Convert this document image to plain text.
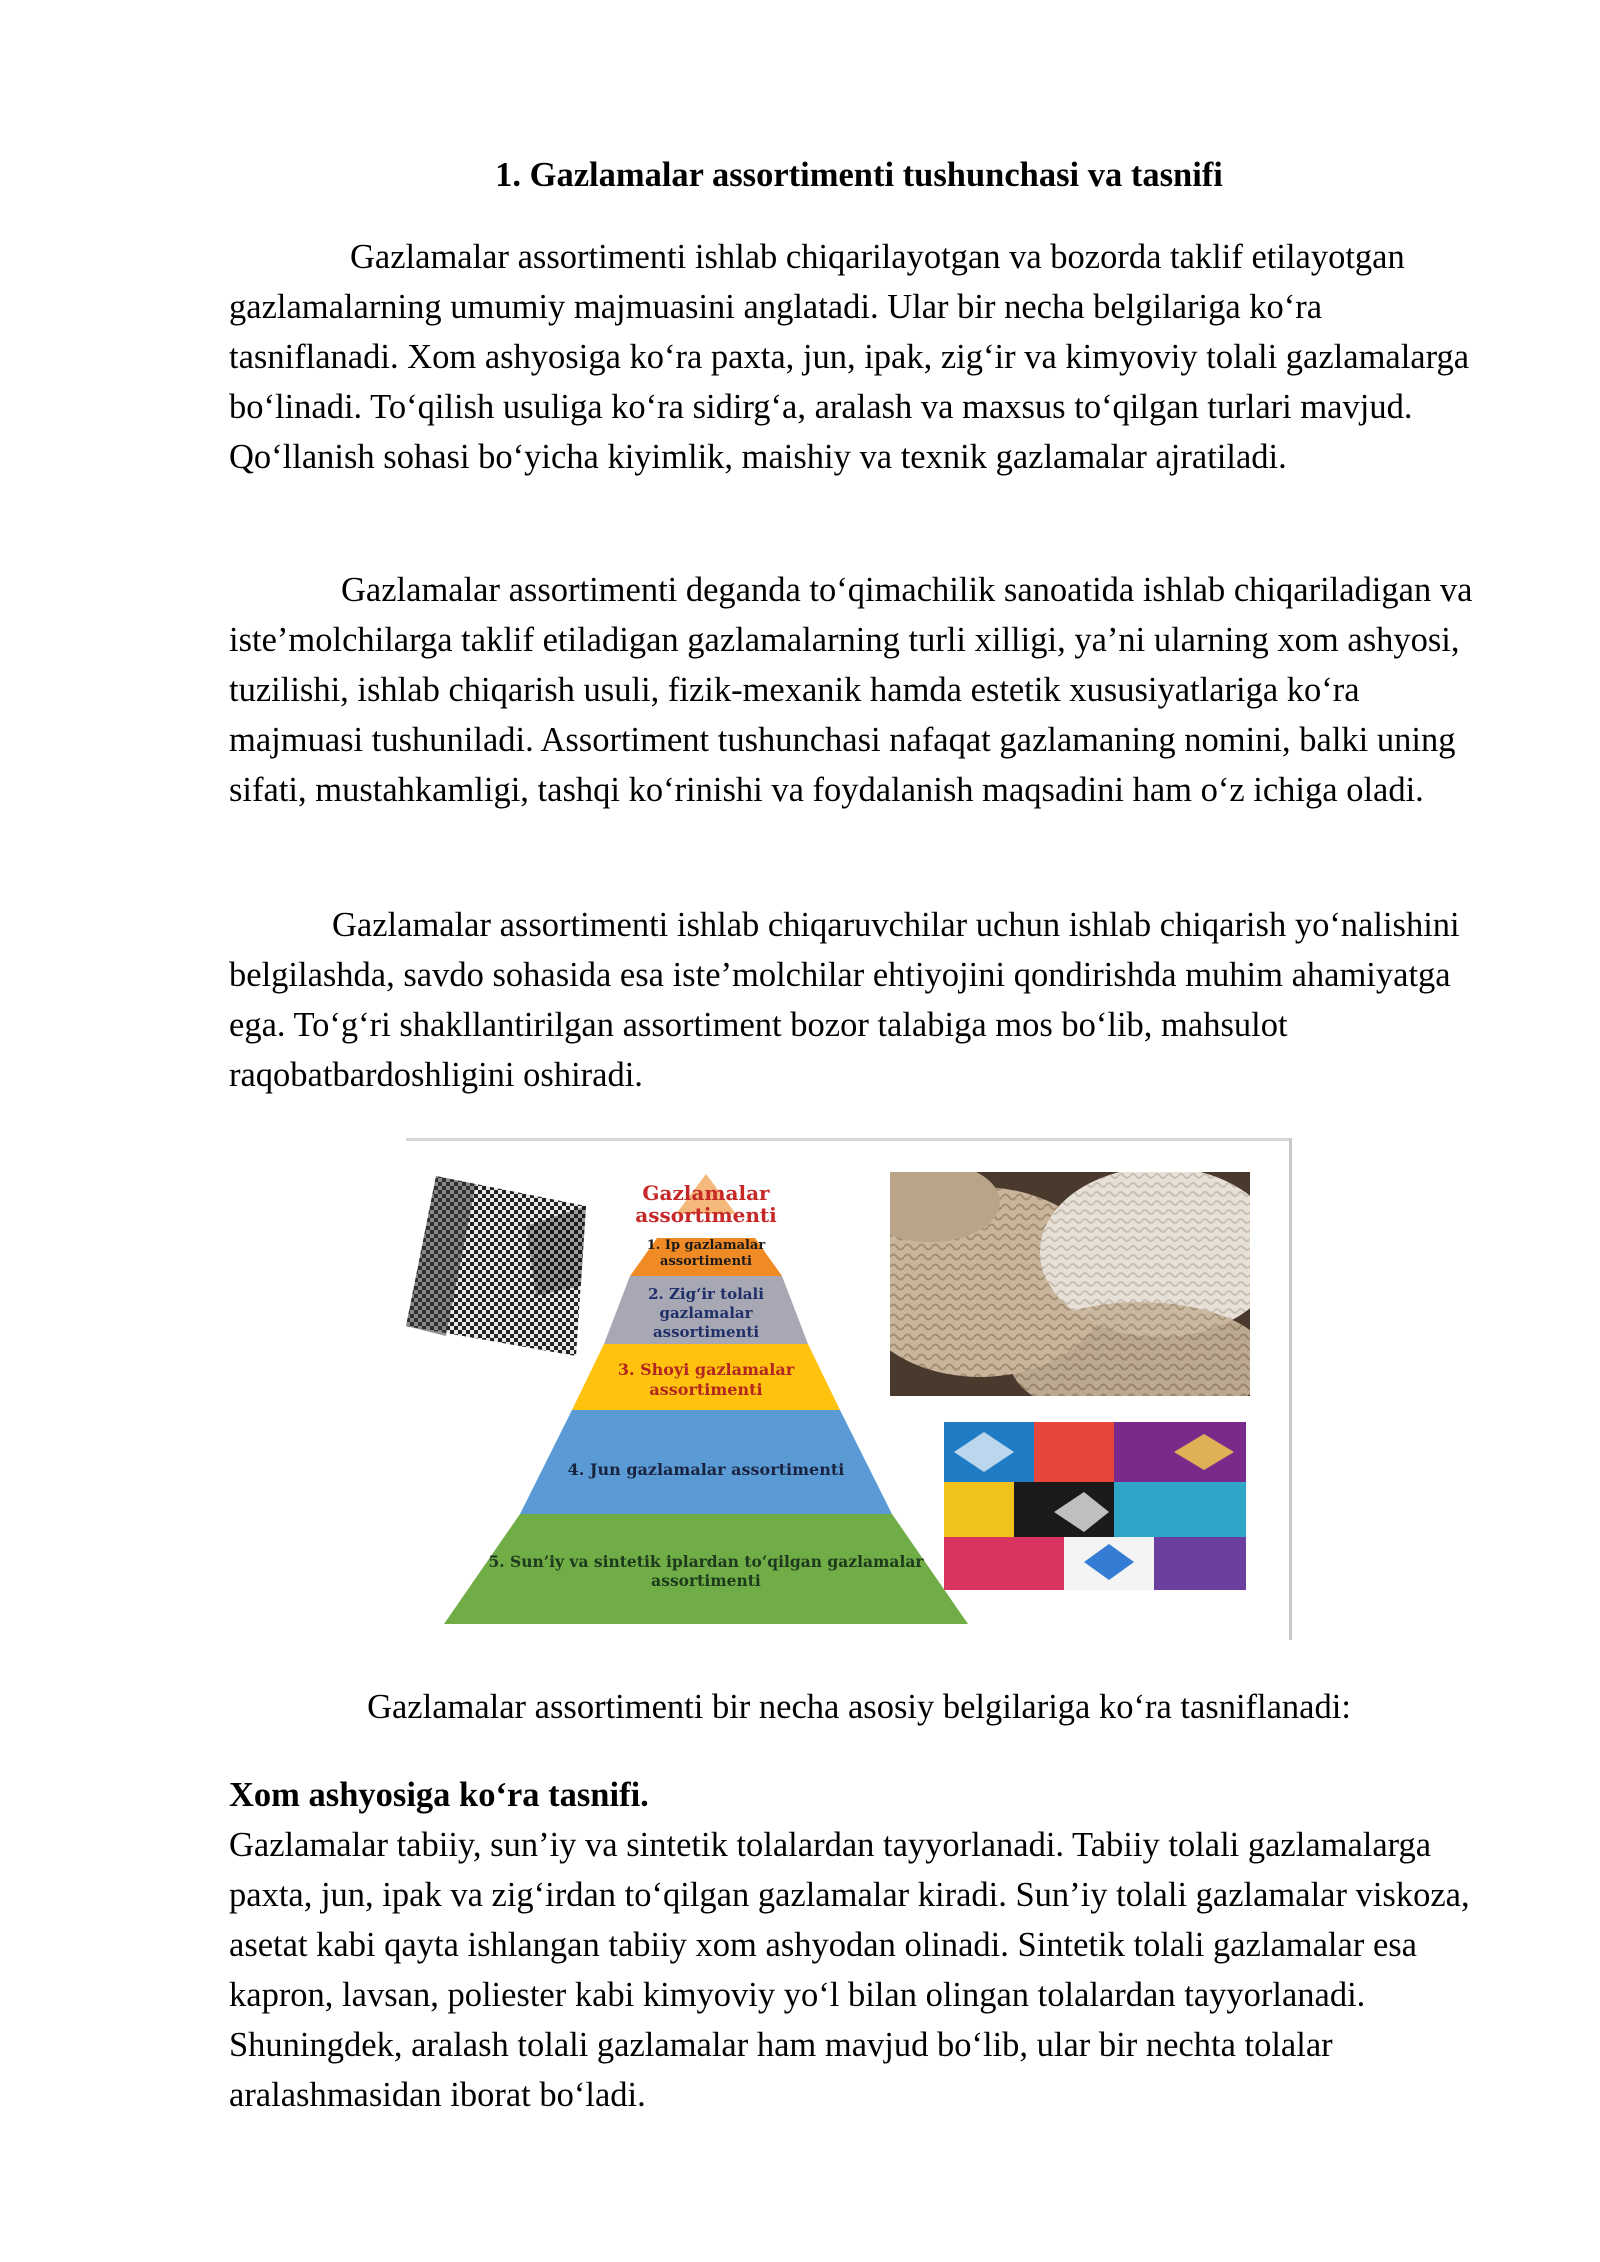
1. Gazlamalar assortimenti tushunchasi va tasnifi

Gazlamalar assortimenti ishlab chiqarilayotgan va bozorda taklif etilayotgan gazlamalarning umumiy majmuasini anglatadi. Ular bir necha belgilariga ko‘ra tasniflanadi. Xom ashyosiga ko‘ra paxta, jun, ipak, zig‘ir va kimyoviy tolali gazlamalarga bo‘linadi. To‘qilish usuliga ko‘ra sidirg‘a, aralash va maxsus to‘qilgan turlari mavjud. Qo‘llanish sohasi bo‘yicha kiyimlik, maishiy va texnik gazlamalar ajratiladi.

Gazlamalar assortimenti deganda to‘qimachilik sanoatida ishlab chiqariladigan va iste’molchilarga taklif etiladigan gazlamalarning turli xilligi, ya’ni ularning xom ashyosi, tuzilishi, ishlab chiqarish usuli, fizik-mexanik hamda estetik xususiyatlariga ko‘ra majmuasi tushuniladi. Assortiment tushunchasi nafaqat gazlamaning nomini, balki uning sifati, mustahkamligi, tashqi ko‘rinishi va foydalanish maqsadini ham o‘z ichiga oladi.

Gazlamalar assortimenti ishlab chiqaruvchilar uchun ishlab chiqarish yo‘nalishini belgilashda, savdo sohasida esa iste’molchilar ehtiyojini qondirishda muhim ahamiyatga ega. To‘g‘ri shakllantirilgan assortiment bozor talabiga mos bo‘lib, mahsulot raqobatbardoshligini oshiradi.

Gazlamalar assortimenti
1. Ip gazlamalar assortimenti
2. Zig‘ir tolali gazlamalar assortimenti
3. Shoyi gazlamalar assortimenti
4. Jun gazlamalar assortimenti
5. Sun’iy va sintetik iplardan to‘qilgan gazlamalar assortimenti

Gazlamalar assortimenti bir necha asosiy belgilariga ko‘ra tasniflanadi:

Xom ashyosiga ko‘ra tasnifi.

Gazlamalar tabiiy, sun’iy va sintetik tolalardan tayyorlanadi. Tabiiy tolali gazlamalarga paxta, jun, ipak va zig‘irdan to‘qilgan gazlamalar kiradi. Sun’iy tolali gazlamalar viskoza, asetat kabi qayta ishlangan tabiiy xom ashyodan olinadi. Sintetik tolali gazlamalar esa kapron, lavsan, poliester kabi kimyoviy yo‘l bilan olingan tolalardan tayyorlanadi. Shuningdek, aralash tolali gazlamalar ham mavjud bo‘lib, ular bir nechta tolalar aralashmasidan iborat bo‘ladi.
